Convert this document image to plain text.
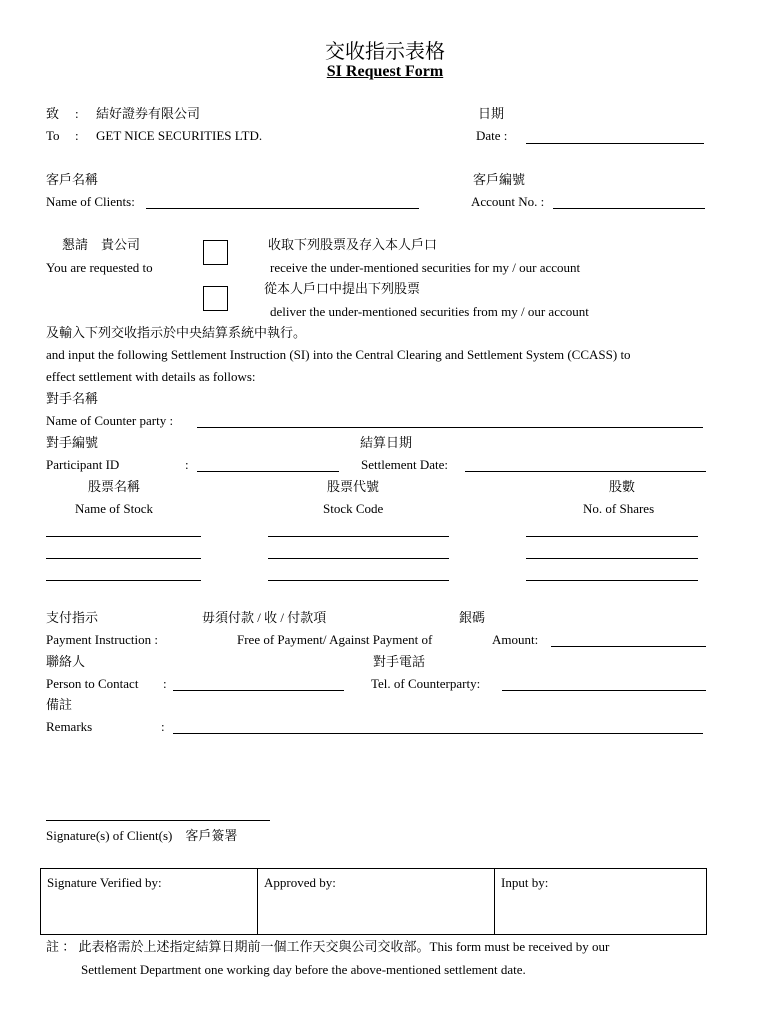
交收指示表格
SI Request Form
致 : 結好證券有限公司	日期
To : GET NICE SECURITIES LTD.	Date :
客戶名稱	客戶編號
Name of Clients:	Account No. :
懇請　貴公司
You are requested to
收取下列股票及存入本人戶口
receive the under-mentioned securities for my / our account
從本人戶口中提出下列股票
deliver the under-mentioned securities from my / our account
及輸入下列交收指示於中央結算系統中執行。
and input the following Settlement Instruction (SI) into the Central Clearing and Settlement System (CCASS) to
effect settlement with details as follows:
對手名稱
Name of Counter party :
對手編號	結算日期
Participant ID	:	Settlement Date:
股票名稱	股票代號	股數
Name of Stock	Stock Code	No. of Shares
支付指示	毋須付款 / 收 / 付款項	銀碼
Payment Instruction :	Free of Payment/ Against Payment of	Amount:
聯絡人	對手電話
Person to Contact :	Tel. of Counterparty:
備註
Remarks	:
Signature(s) of Client(s)　客戶簽署
Signature Verified by:	Approved by:	Input by:
註 ： 此表格需於上述指定結算日期前一個工作天交與公司交收部。This form must be received by our
Settlement Department one working day before the above-mentioned settlement date.
